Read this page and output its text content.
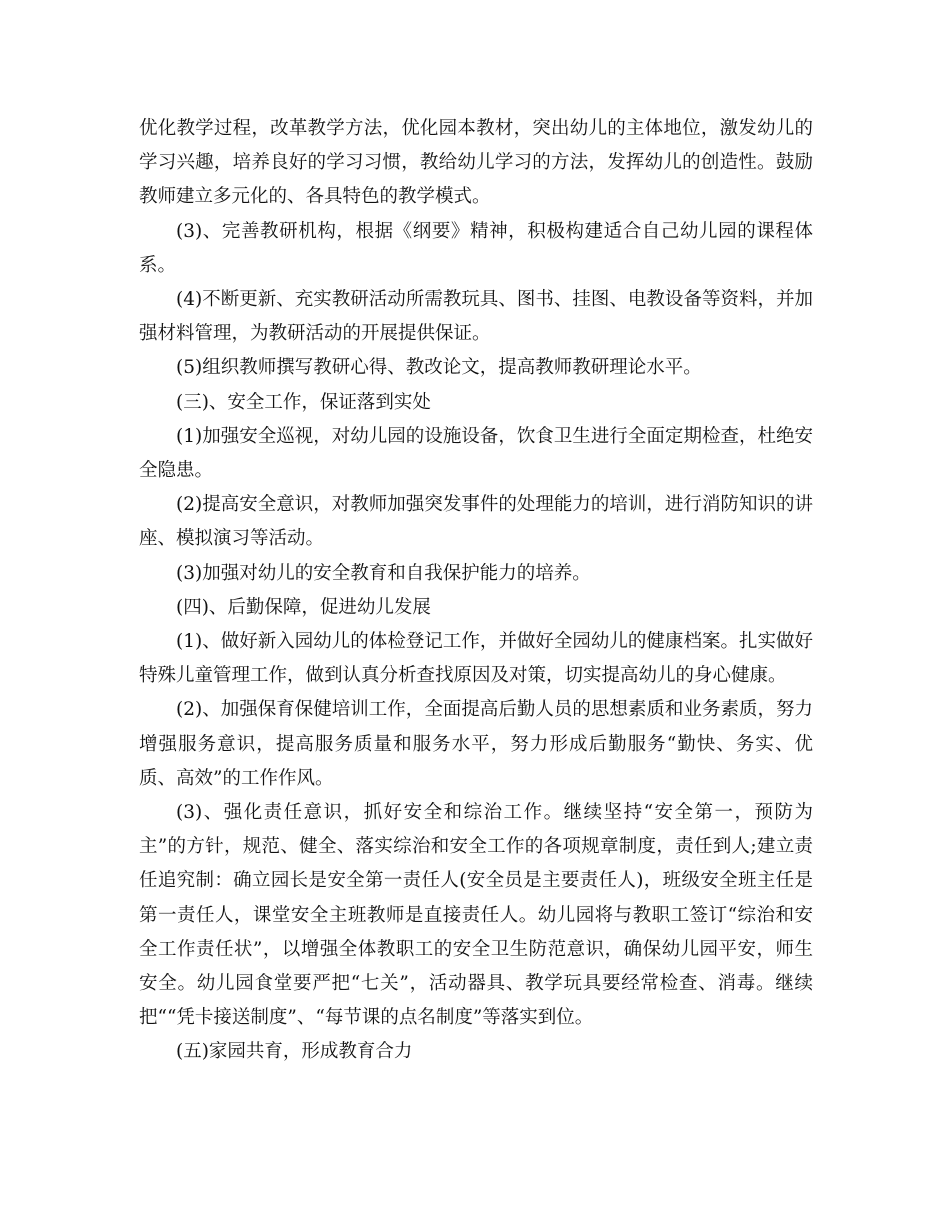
优化教学过程，改革教学方法，优化园本教材，突出幼儿的主体地位，激发幼儿的学习兴趣，培养良好的学习习惯，教给幼儿学习的方法，发挥幼儿的创造性。鼓励教师建立多元化的、各具特色的教学模式。

(3)、完善教研机构，根据《纲要》精神，积极构建适合自己幼儿园的课程体系。

(4)不断更新、充实教研活动所需教玩具、图书、挂图、电教设备等资料，并加强材料管理，为教研活动的开展提供保证。

(5)组织教师撰写教研心得、教改论文，提高教师教研理论水平。

(三)、安全工作，保证落到实处

(1)加强安全巡视，对幼儿园的设施设备，饮食卫生进行全面定期检查，杜绝安全隐患。

(2)提高安全意识，对教师加强突发事件的处理能力的培训，进行消防知识的讲座、模拟演习等活动。

(3)加强对幼儿的安全教育和自我保护能力的培养。

(四)、后勤保障，促进幼儿发展

(1)、做好新入园幼儿的体检登记工作，并做好全园幼儿的健康档案。扎实做好特殊儿童管理工作，做到认真分析查找原因及对策，切实提高幼儿的身心健康。

(2)、加强保育保健培训工作，全面提高后勤人员的思想素质和业务素质，努力增强服务意识，提高服务质量和服务水平，努力形成后勤服务“勤快、务实、优质、高效”的工作作风。

(3)、强化责任意识，抓好安全和综治工作。继续坚持“安全第一，预防为主”的方针，规范、健全、落实综治和安全工作的各项规章制度，责任到人;建立责任追究制：确立园长是安全第一责任人(安全员是主要责任人)，班级安全班主任是第一责任人，课堂安全主班教师是直接责任人。幼儿园将与教职工签订“综治和安全工作责任状”，以增强全体教职工的安全卫生防范意识，确保幼儿园平安，师生安全。幼儿园食堂要严把“七关”，活动器具、教学玩具要经常检查、消毒。继续把““凭卡接送制度”、“每节课的点名制度”等落实到位。

(五)家园共育，形成教育合力
